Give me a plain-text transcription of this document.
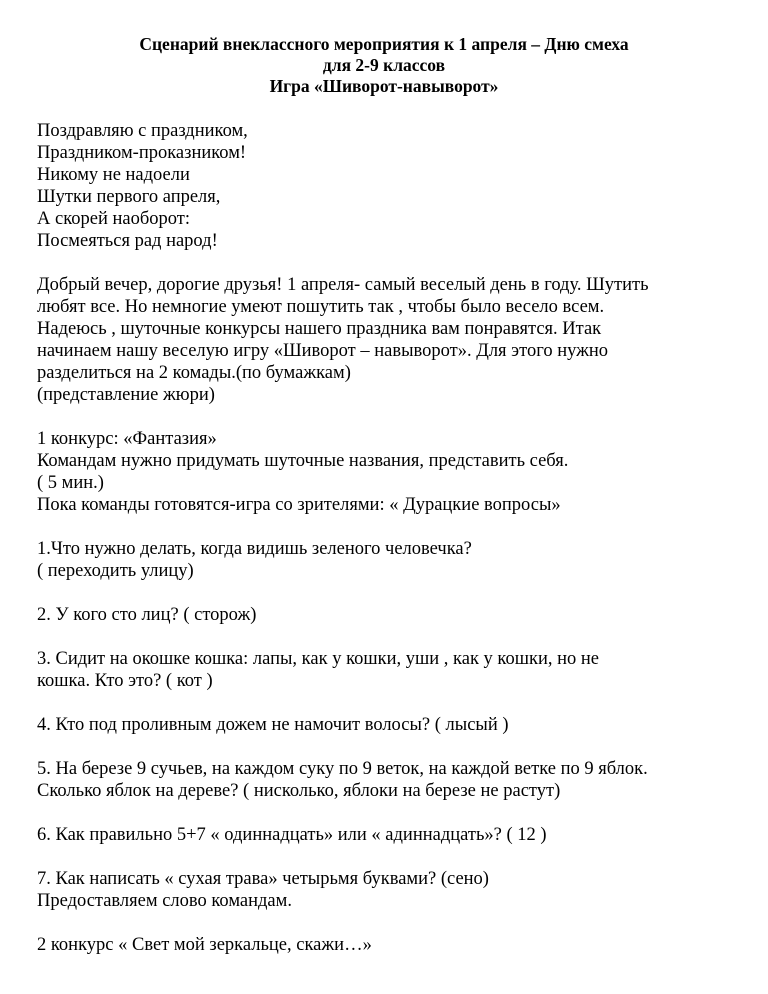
Сценарий внеклассного мероприятия к 1 апреля – Дню смеха
для 2-9 классов
Игра «Шиворот-навыворот»
Поздравляю с праздником,
Праздником-проказником!
Никому не надоели
Шутки первого апреля,
А скорей наоборот:
Посмеяться рад народ!
Добрый вечер, дорогие друзья! 1 апреля- самый веселый день в году. Шутить
любят все. Но немногие умеют пошутить так , чтобы было весело всем.
Надеюсь , шуточные конкурсы нашего праздника вам понравятся. Итак
начинаем нашу веселую игру «Шиворот – навыворот». Для этого нужно
разделиться на 2 комады.(по бумажкам)
(представление жюри)
1 конкурс: «Фантазия»
Командам нужно придумать шуточные названия, представить себя.
( 5 мин.)
Пока команды готовятся-игра со зрителями: « Дурацкие вопросы»
1.Что нужно делать, когда видишь зеленого человечка?
( переходить улицу)
2. У кого сто лиц? ( сторож)
3. Сидит на окошке кошка: лапы, как у кошки, уши , как у кошки, но не
кошка. Кто это? ( кот )
4. Кто под проливным дожем не намочит волосы? ( лысый )
5. На березе 9 сучьев, на каждом суку по 9 веток, на каждой ветке по 9 яблок.
Сколько яблок на дереве? ( нисколько, яблоки на березе не растут)
6. Как правильно 5+7 « одиннадцать» или « адиннадцать»? ( 12 )
7. Как написать « сухая трава» четырьмя буквами? (сено)
Предоставляем слово командам.
2 конкурс « Свет мой зеркальце, скажи…»
